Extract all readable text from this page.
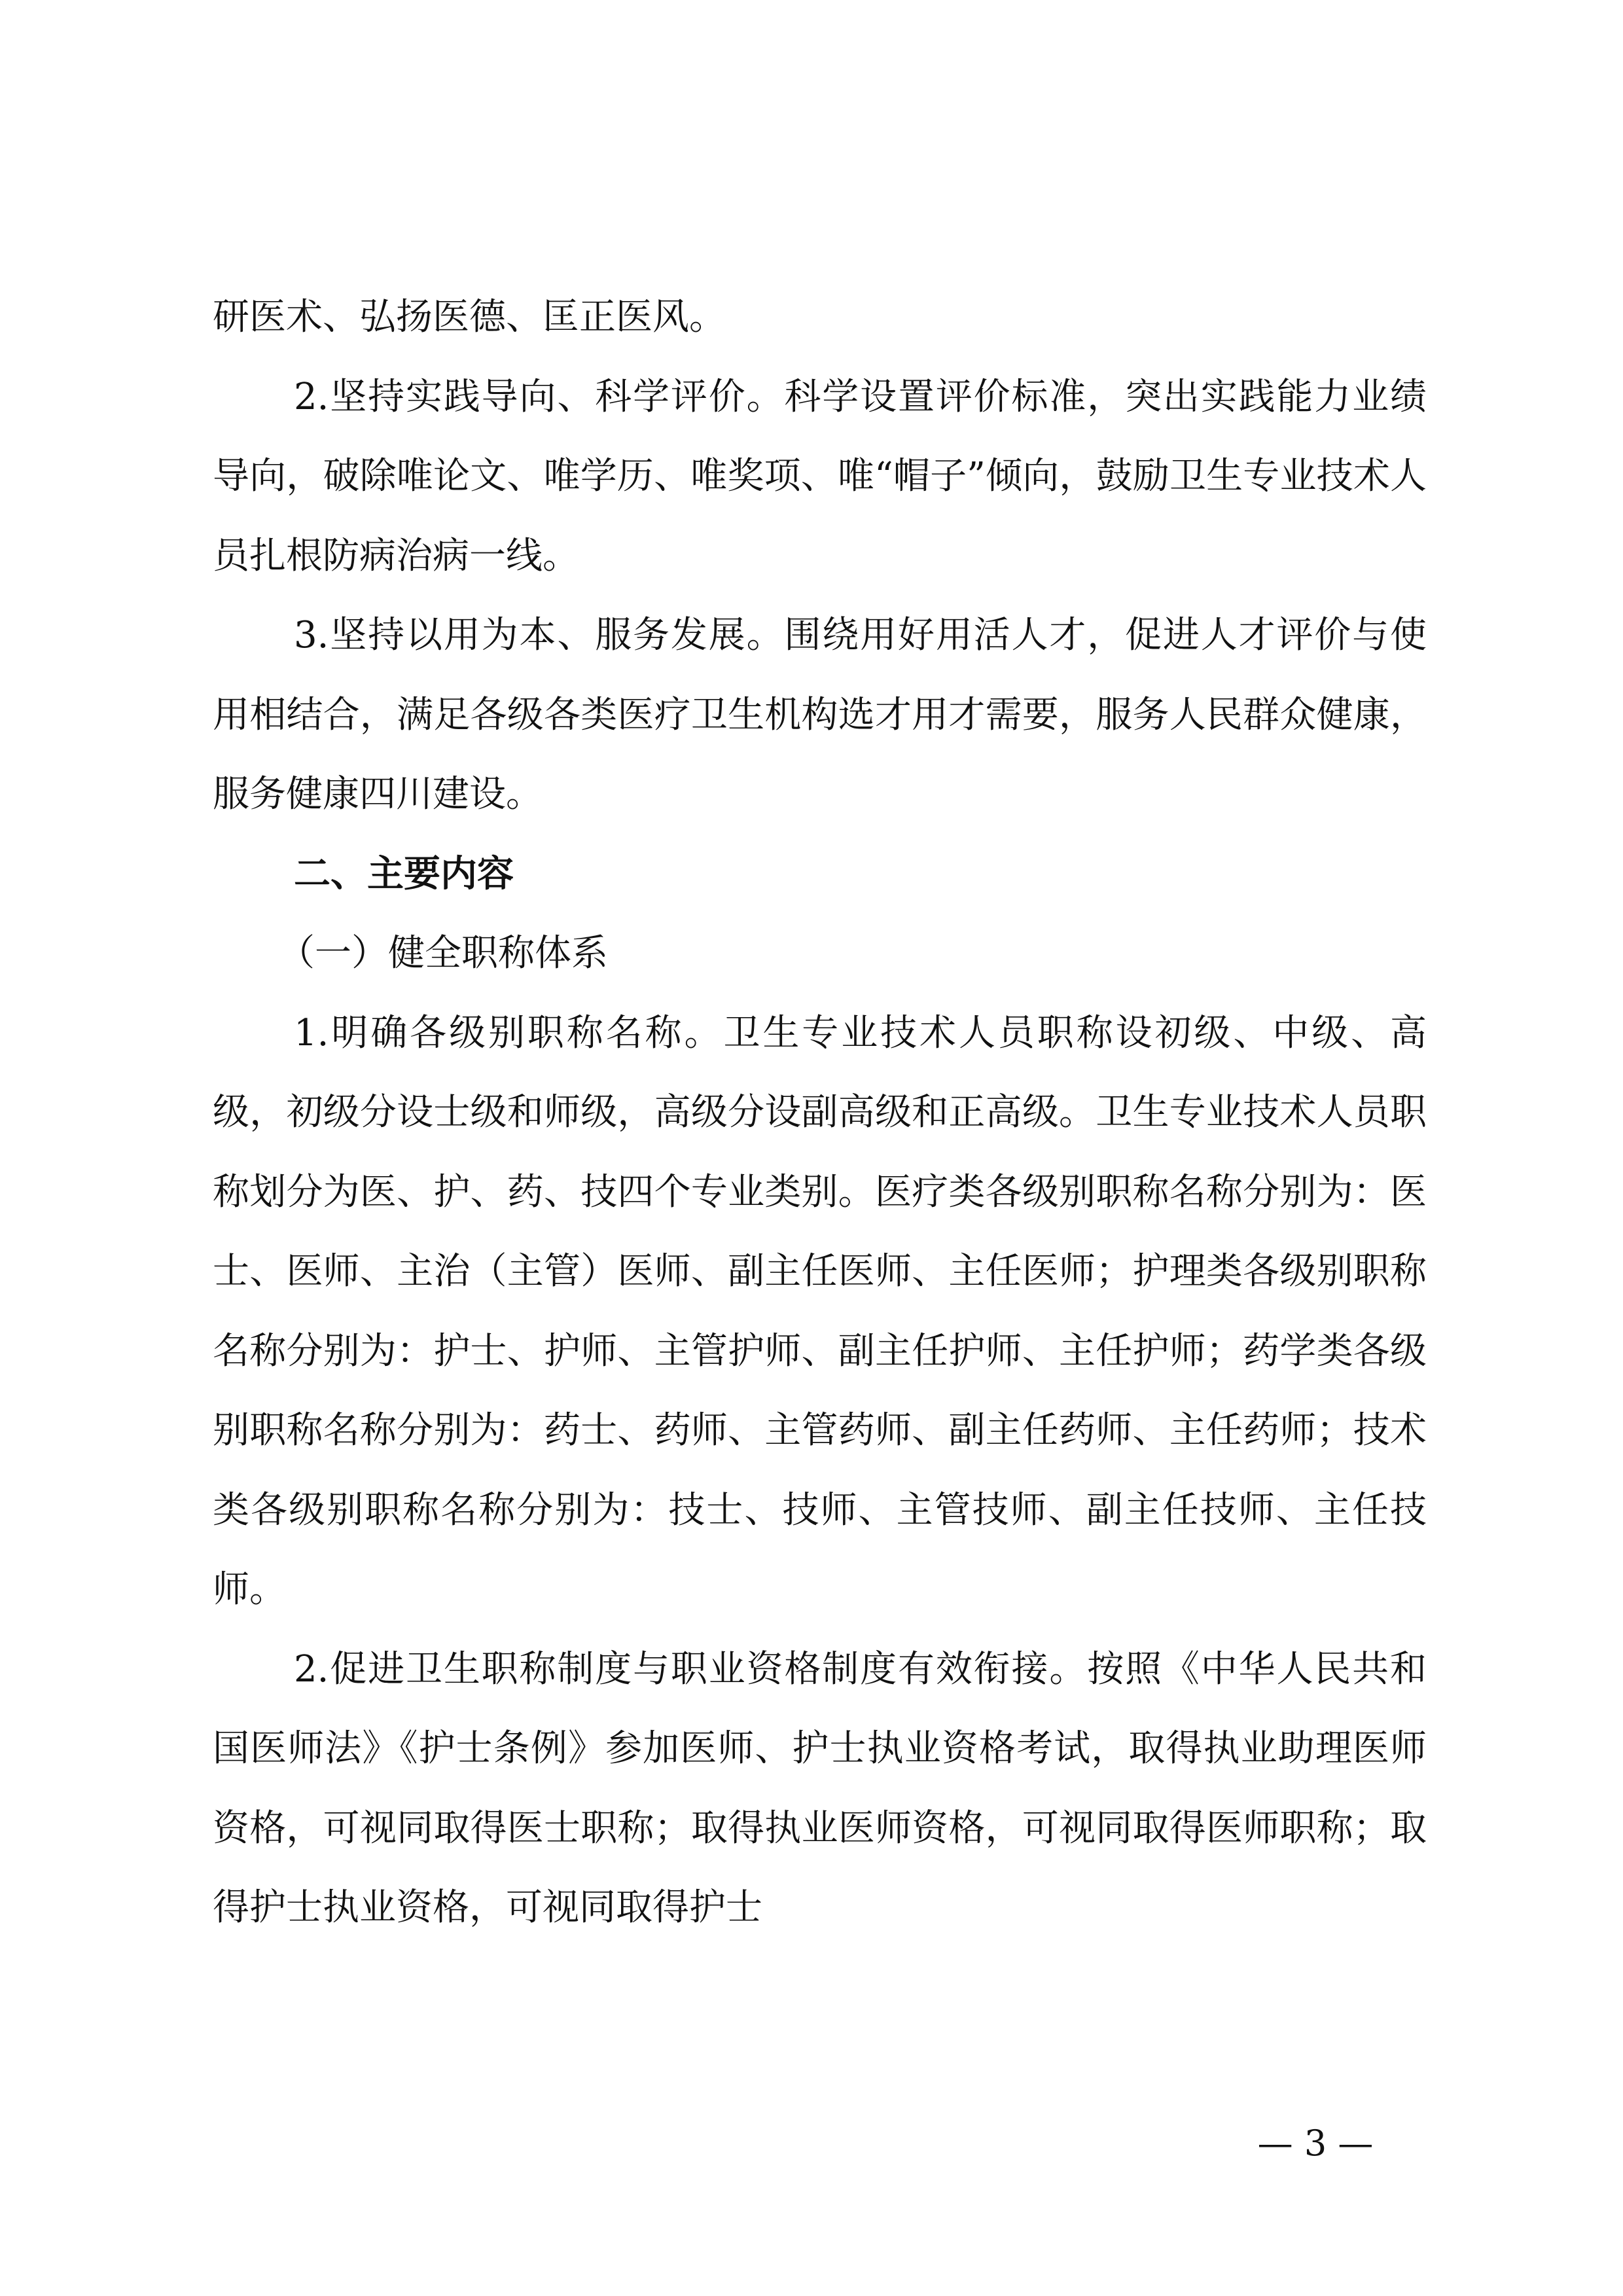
研医术、弘扬医德、匡正医风。

2.坚持实践导向、科学评价。科学设置评价标准，突出实践能力业绩导向，破除唯论文、唯学历、唯奖项、唯“帽子”倾向，鼓励卫生专业技术人员扎根防病治病一线。

3.坚持以用为本、服务发展。围绕用好用活人才，促进人才评价与使用相结合，满足各级各类医疗卫生机构选才用才需要，服务人民群众健康，服务健康四川建设。

二、主要内容

（一）健全职称体系

1.明确各级别职称名称。卫生专业技术人员职称设初级、中级、高级，初级分设士级和师级，高级分设副高级和正高级。卫生专业技术人员职称划分为医、护、药、技四个专业类别。医疗类各级别职称名称分别为：医士、医师、主治（主管）医师、副主任医师、主任医师；护理类各级别职称名称分别为：护士、护师、主管护师、副主任护师、主任护师；药学类各级别职称名称分别为：药士、药师、主管药师、副主任药师、主任药师；技术类各级别职称名称分别为：技士、技师、主管技师、副主任技师、主任技师。

2.促进卫生职称制度与职业资格制度有效衔接。按照《中华人民共和国医师法》《护士条例》参加医师、护士执业资格考试，取得执业助理医师资格，可视同取得医士职称；取得执业医师资格，可视同取得医师职称；取得护士执业资格，可视同取得护士

— 3 —
